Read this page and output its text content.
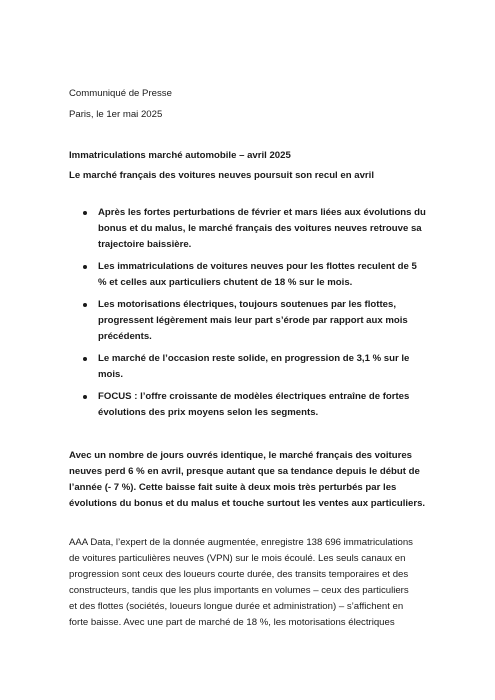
Communiqué de Presse
Paris, le 1er mai 2025
Immatriculations marché automobile – avril 2025
Le marché français des voitures neuves poursuit son recul en avril
Après les fortes perturbations de février et mars liées aux évolutions du
bonus et du malus, le marché français des voitures neuves retrouve sa
trajectoire baissière.
Les immatriculations de voitures neuves pour les flottes reculent de 5
% et celles aux particuliers chutent de 18 % sur le mois.
Les motorisations électriques, toujours soutenues par les flottes,
progressent légèrement mais leur part s’érode par rapport aux mois
précédents.
Le marché de l’occasion reste solide, en progression de 3,1 % sur le
mois.
FOCUS : l’offre croissante de modèles électriques entraîne de fortes
évolutions des prix moyens selon les segments.
Avec un nombre de jours ouvrés identique, le marché français des voitures
neuves perd 6 % en avril, presque autant que sa tendance depuis le début de
l’année (- 7 %). Cette baisse fait suite à deux mois très perturbés par les
évolutions du bonus et du malus et touche surtout les ventes aux particuliers.
AAA Data, l’expert de la donnée augmentée, enregistre 138 696 immatriculations
de voitures particulières neuves (VPN) sur le mois écoulé. Les seuls canaux en
progression sont ceux des loueurs courte durée, des transits temporaires et des
constructeurs, tandis que les plus importants en volumes – ceux des particuliers
et des flottes (sociétés, loueurs longue durée et administration) – s’affichent en
forte baisse. Avec une part de marché de 18 %, les motorisations électriques
